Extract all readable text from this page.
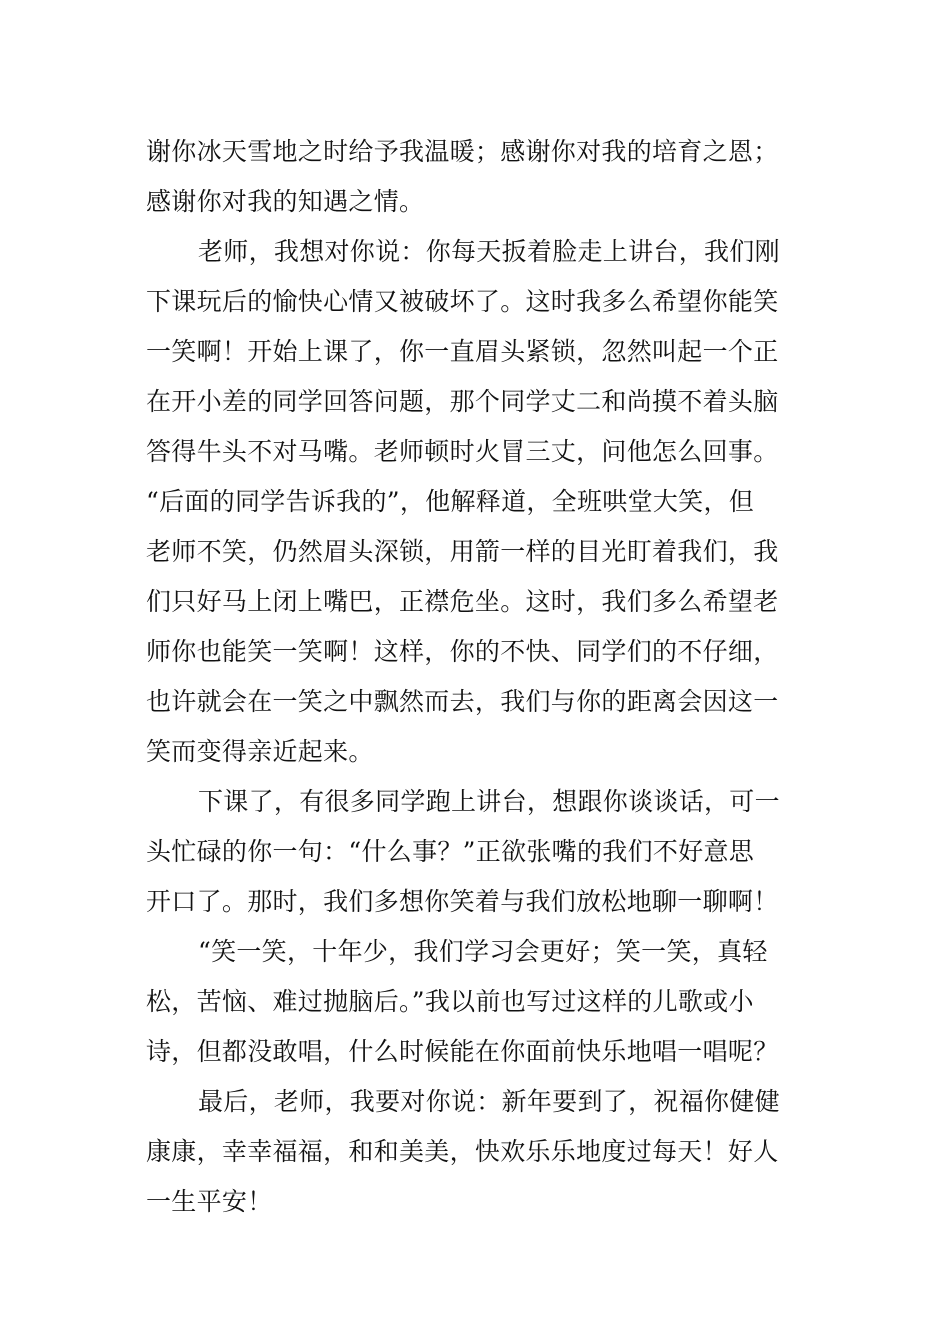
谢你冰天雪地之时给予我温暖；感谢你对我的培育之恩；
感谢你对我的知遇之情。
老师，我想对你说：你每天扳着脸走上讲台，我们刚
下课玩后的愉快心情又被破坏了。这时我多么希望你能笑
一笑啊！开始上课了，你一直眉头紧锁，忽然叫起一个正
在开小差的同学回答问题，那个同学丈二和尚摸不着头脑
答得牛头不对马嘴。老师顿时火冒三丈，问他怎么回事。
“后面的同学告诉我的”，他解释道，全班哄堂大笑，但
老师不笑，仍然眉头深锁，用箭一样的目光盯着我们，我
们只好马上闭上嘴巴，正襟危坐。这时，我们多么希望老
师你也能笑一笑啊！这样，你的不快、同学们的不仔细，
也许就会在一笑之中飘然而去，我们与你的距离会因这一
笑而变得亲近起来。
下课了，有很多同学跑上讲台，想跟你谈谈话，可一
头忙碌的你一句：“什么事？”正欲张嘴的我们不好意思
开口了。那时，我们多想你笑着与我们放松地聊一聊啊！
“笑一笑，十年少，我们学习会更好；笑一笑，真轻
松，苦恼、难过抛脑后。”我以前也写过这样的儿歌或小
诗，但都没敢唱，什么时候能在你面前快乐地唱一唱呢？
最后，老师，我要对你说：新年要到了，祝福你健健
康康，幸幸福福，和和美美，快欢乐乐地度过每天！好人
一生平安！
